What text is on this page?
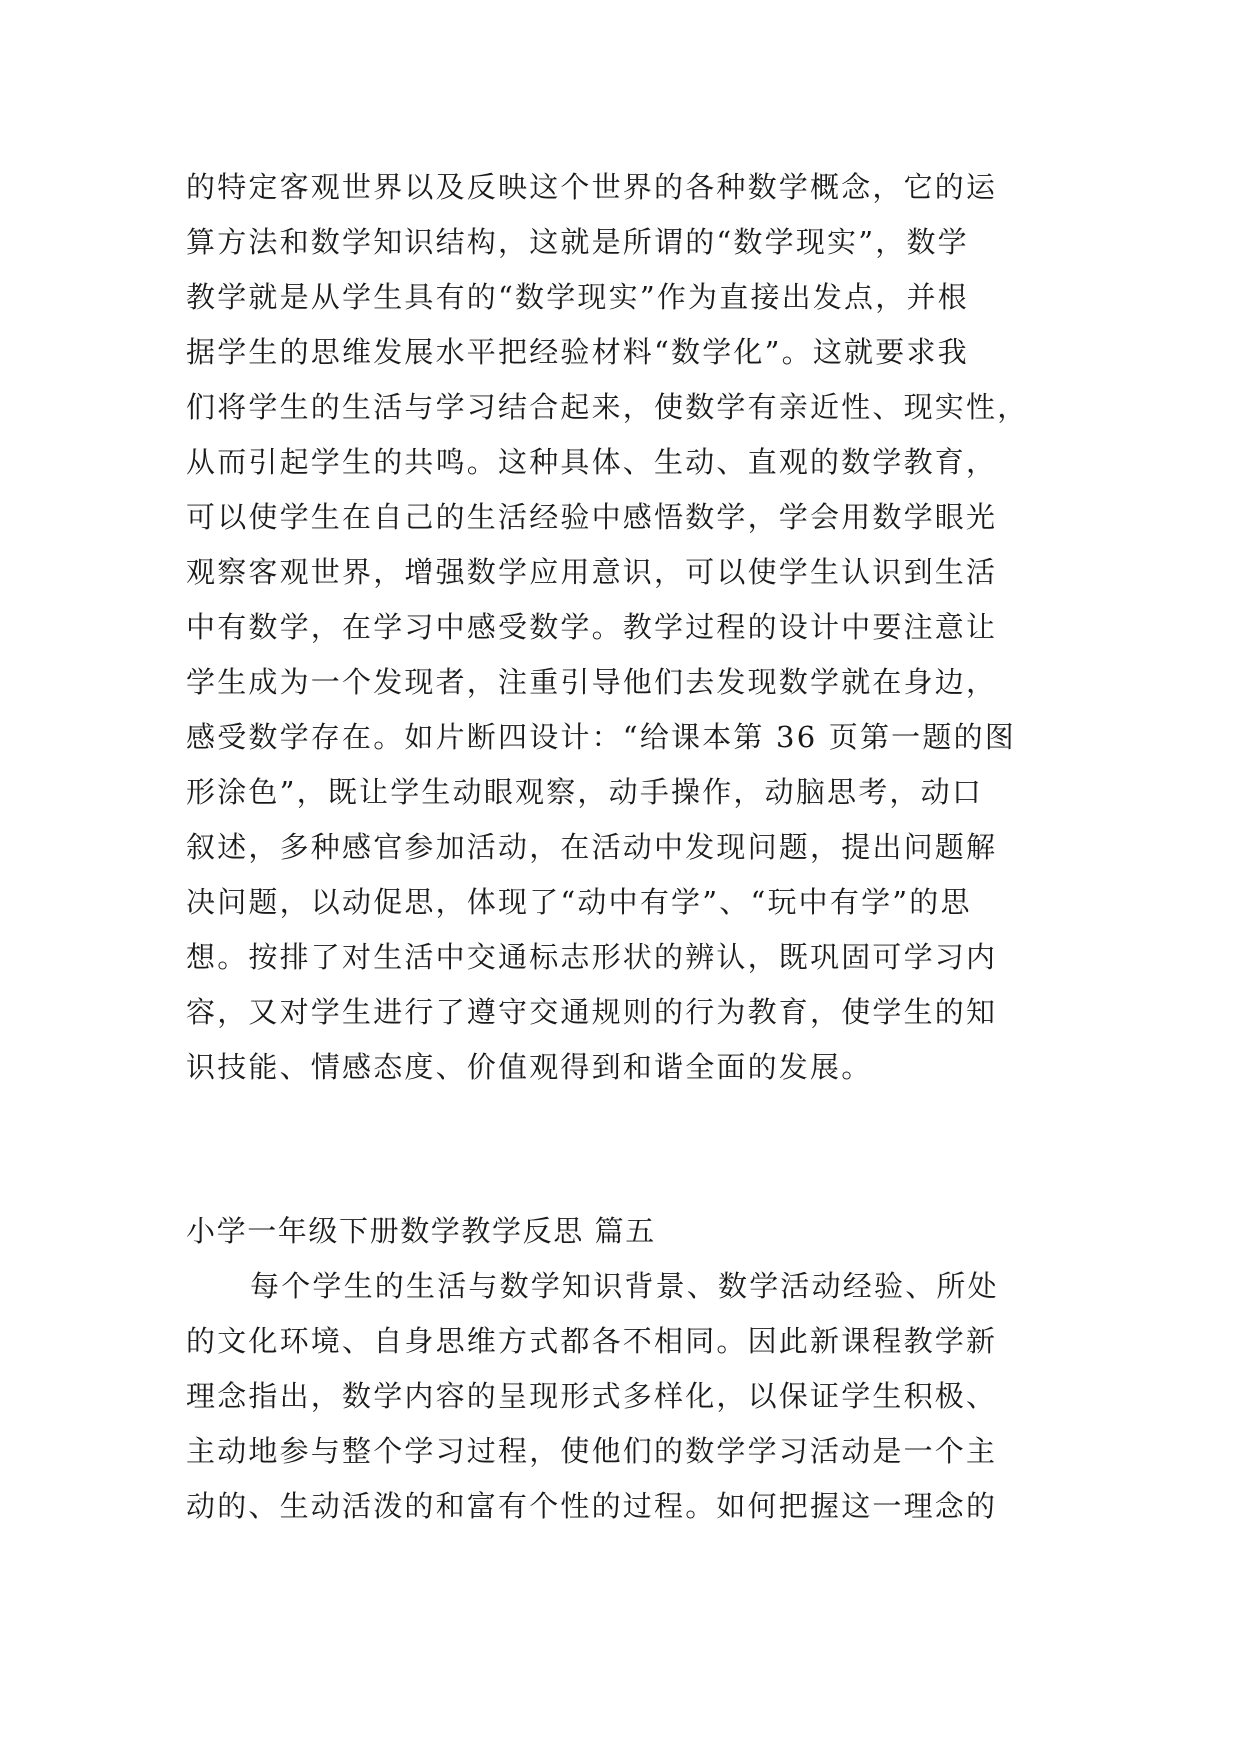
的特定客观世界以及反映这个世界的各种数学概念，它的运
算方法和数学知识结构，这就是所谓的“数学现实”，数学
教学就是从学生具有的“数学现实”作为直接出发点，并根
据学生的思维发展水平把经验材料“数学化”。这就要求我
们将学生的生活与学习结合起来，使数学有亲近性、现实性，
从而引起学生的共鸣。这种具体、生动、直观的数学教育，
可以使学生在自己的生活经验中感悟数学，学会用数学眼光
观察客观世界，增强数学应用意识，可以使学生认识到生活
中有数学，在学习中感受数学。教学过程的设计中要注意让
学生成为一个发现者，注重引导他们去发现数学就在身边，
感受数学存在。如片断四设计：“给课本第 36 页第一题的图
形涂色”，既让学生动眼观察，动手操作，动脑思考，动口
叙述，多种感官参加活动，在活动中发现问题，提出问题解
决问题，以动促思，体现了“动中有学”、“玩中有学”的思
想。按排了对生活中交通标志形状的辨认，既巩固可学习内
容，又对学生进行了遵守交通规则的行为教育，使学生的知
识技能、情感态度、价值观得到和谐全面的发展。
小学一年级下册数学教学反思 篇五
每个学生的生活与数学知识背景、数学活动经验、所处
的文化环境、自身思维方式都各不相同。因此新课程教学新
理念指出，数学内容的呈现形式多样化，以保证学生积极、
主动地参与整个学习过程，使他们的数学学习活动是一个主
动的、生动活泼的和富有个性的过程。如何把握这一理念的
